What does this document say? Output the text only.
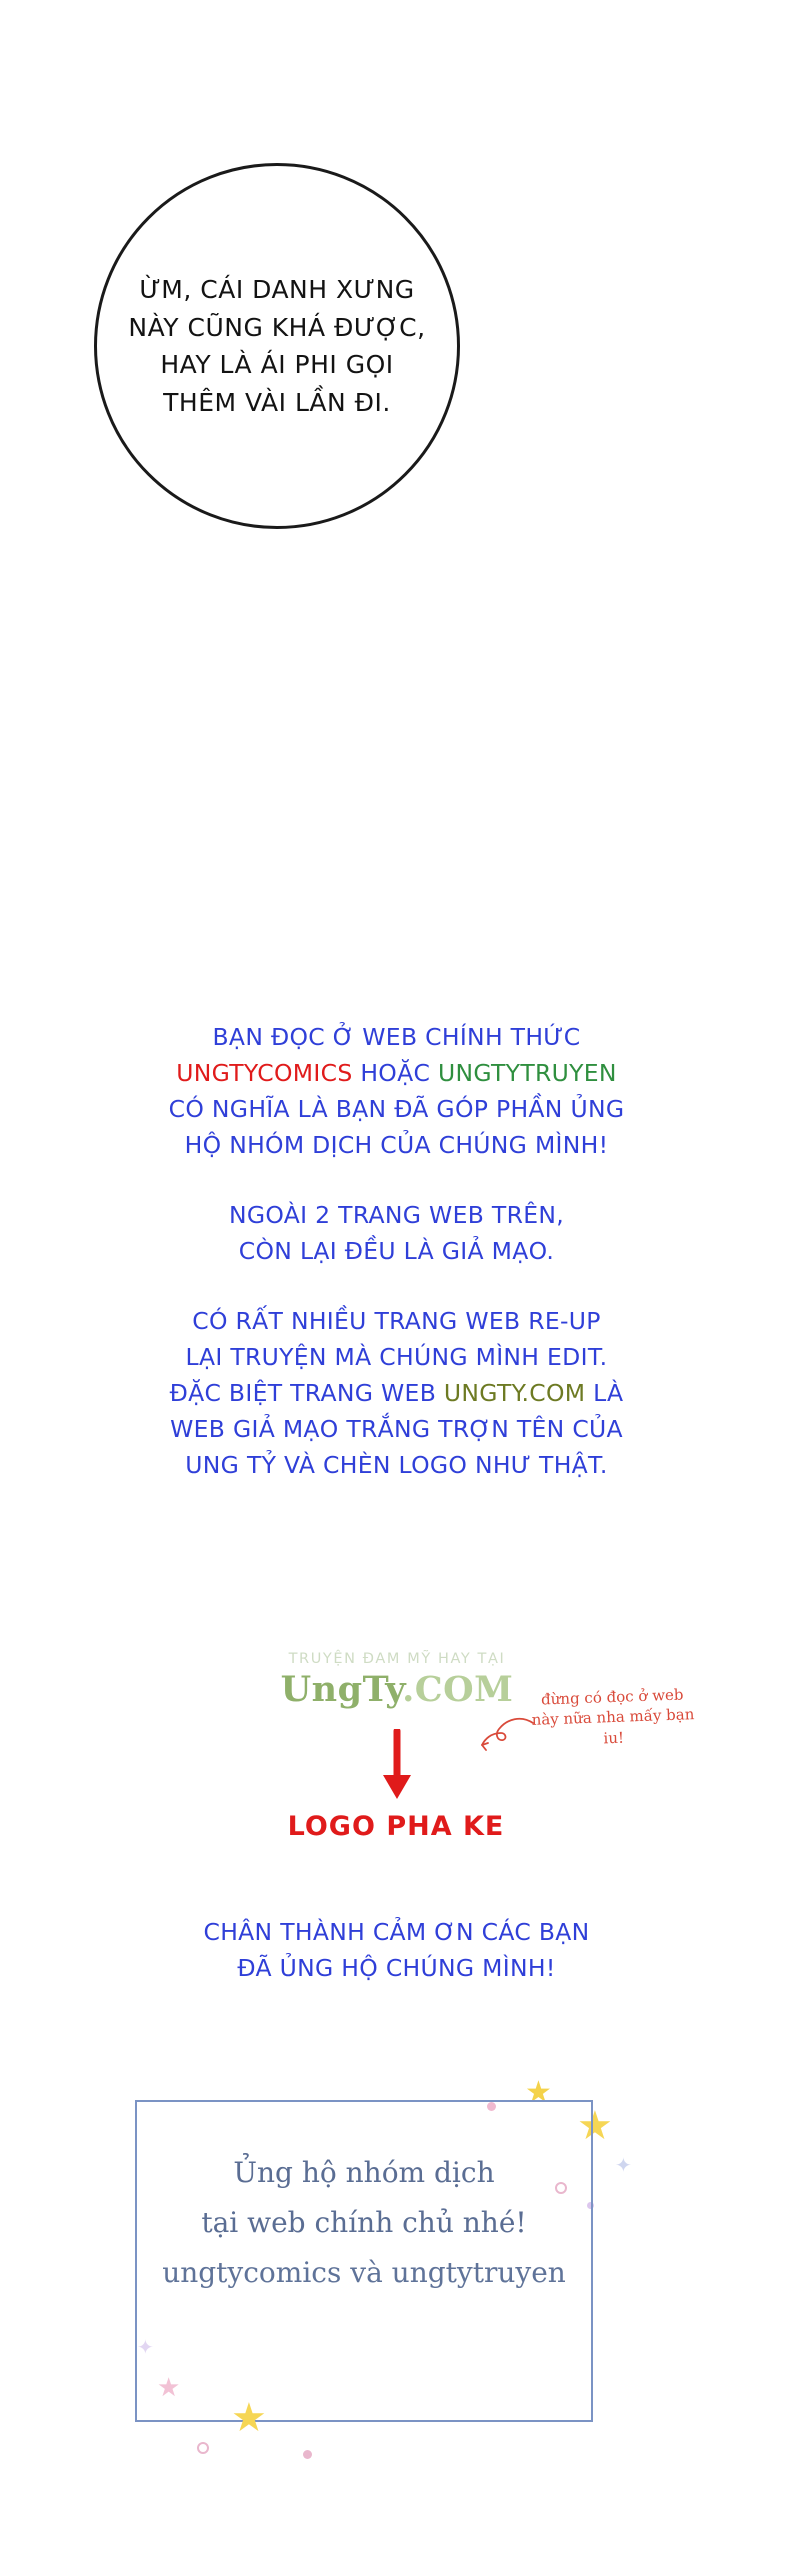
ỪM, CÁI DANH XƯNG
NÀY CŨNG KHÁ ĐƯỢC,
HAY LÀ ÁI PHI GỌI
THÊM VÀI LẦN ĐI.

BẠN ĐỌC Ở WEB CHÍNH THỨC
UNGTYCOMICS HOẶC UNGTYTRUYEN
CÓ NGHĨA LÀ BẠN ĐÃ GÓP PHẦN ỦNG
HỘ NHÓM DỊCH CỦA CHÚNG MÌNH!

NGOÀI 2 TRANG WEB TRÊN,
CÒN LẠI ĐỀU LÀ GIẢ MẠO.

CÓ RẤT NHIỀU TRANG WEB RE-UP
LẠI TRUYỆN MÀ CHÚNG MÌNH EDIT.
ĐẶC BIỆT TRANG WEB UNGTY.COM LÀ
WEB GIẢ MẠO TRẮNG TRỢN TÊN CỦA
UNG TỶ VÀ CHÈN LOGO NHƯ THẬT.

TRUYỆN ĐAM MỸ HAY TẠI
UngTy.COM	đừng có đọc ở web này nữa nha mấy bạn iu!
LOGO PHA KE

CHÂN THÀNH CẢM ƠN CÁC BẠN
ĐÃ ỦNG HỘ CHÚNG MÌNH!

★
★
✦
Ủng hộ nhóm dịch
tại web chính chủ nhé!
ungtycomics và ungtytruyen
★
★
✦
